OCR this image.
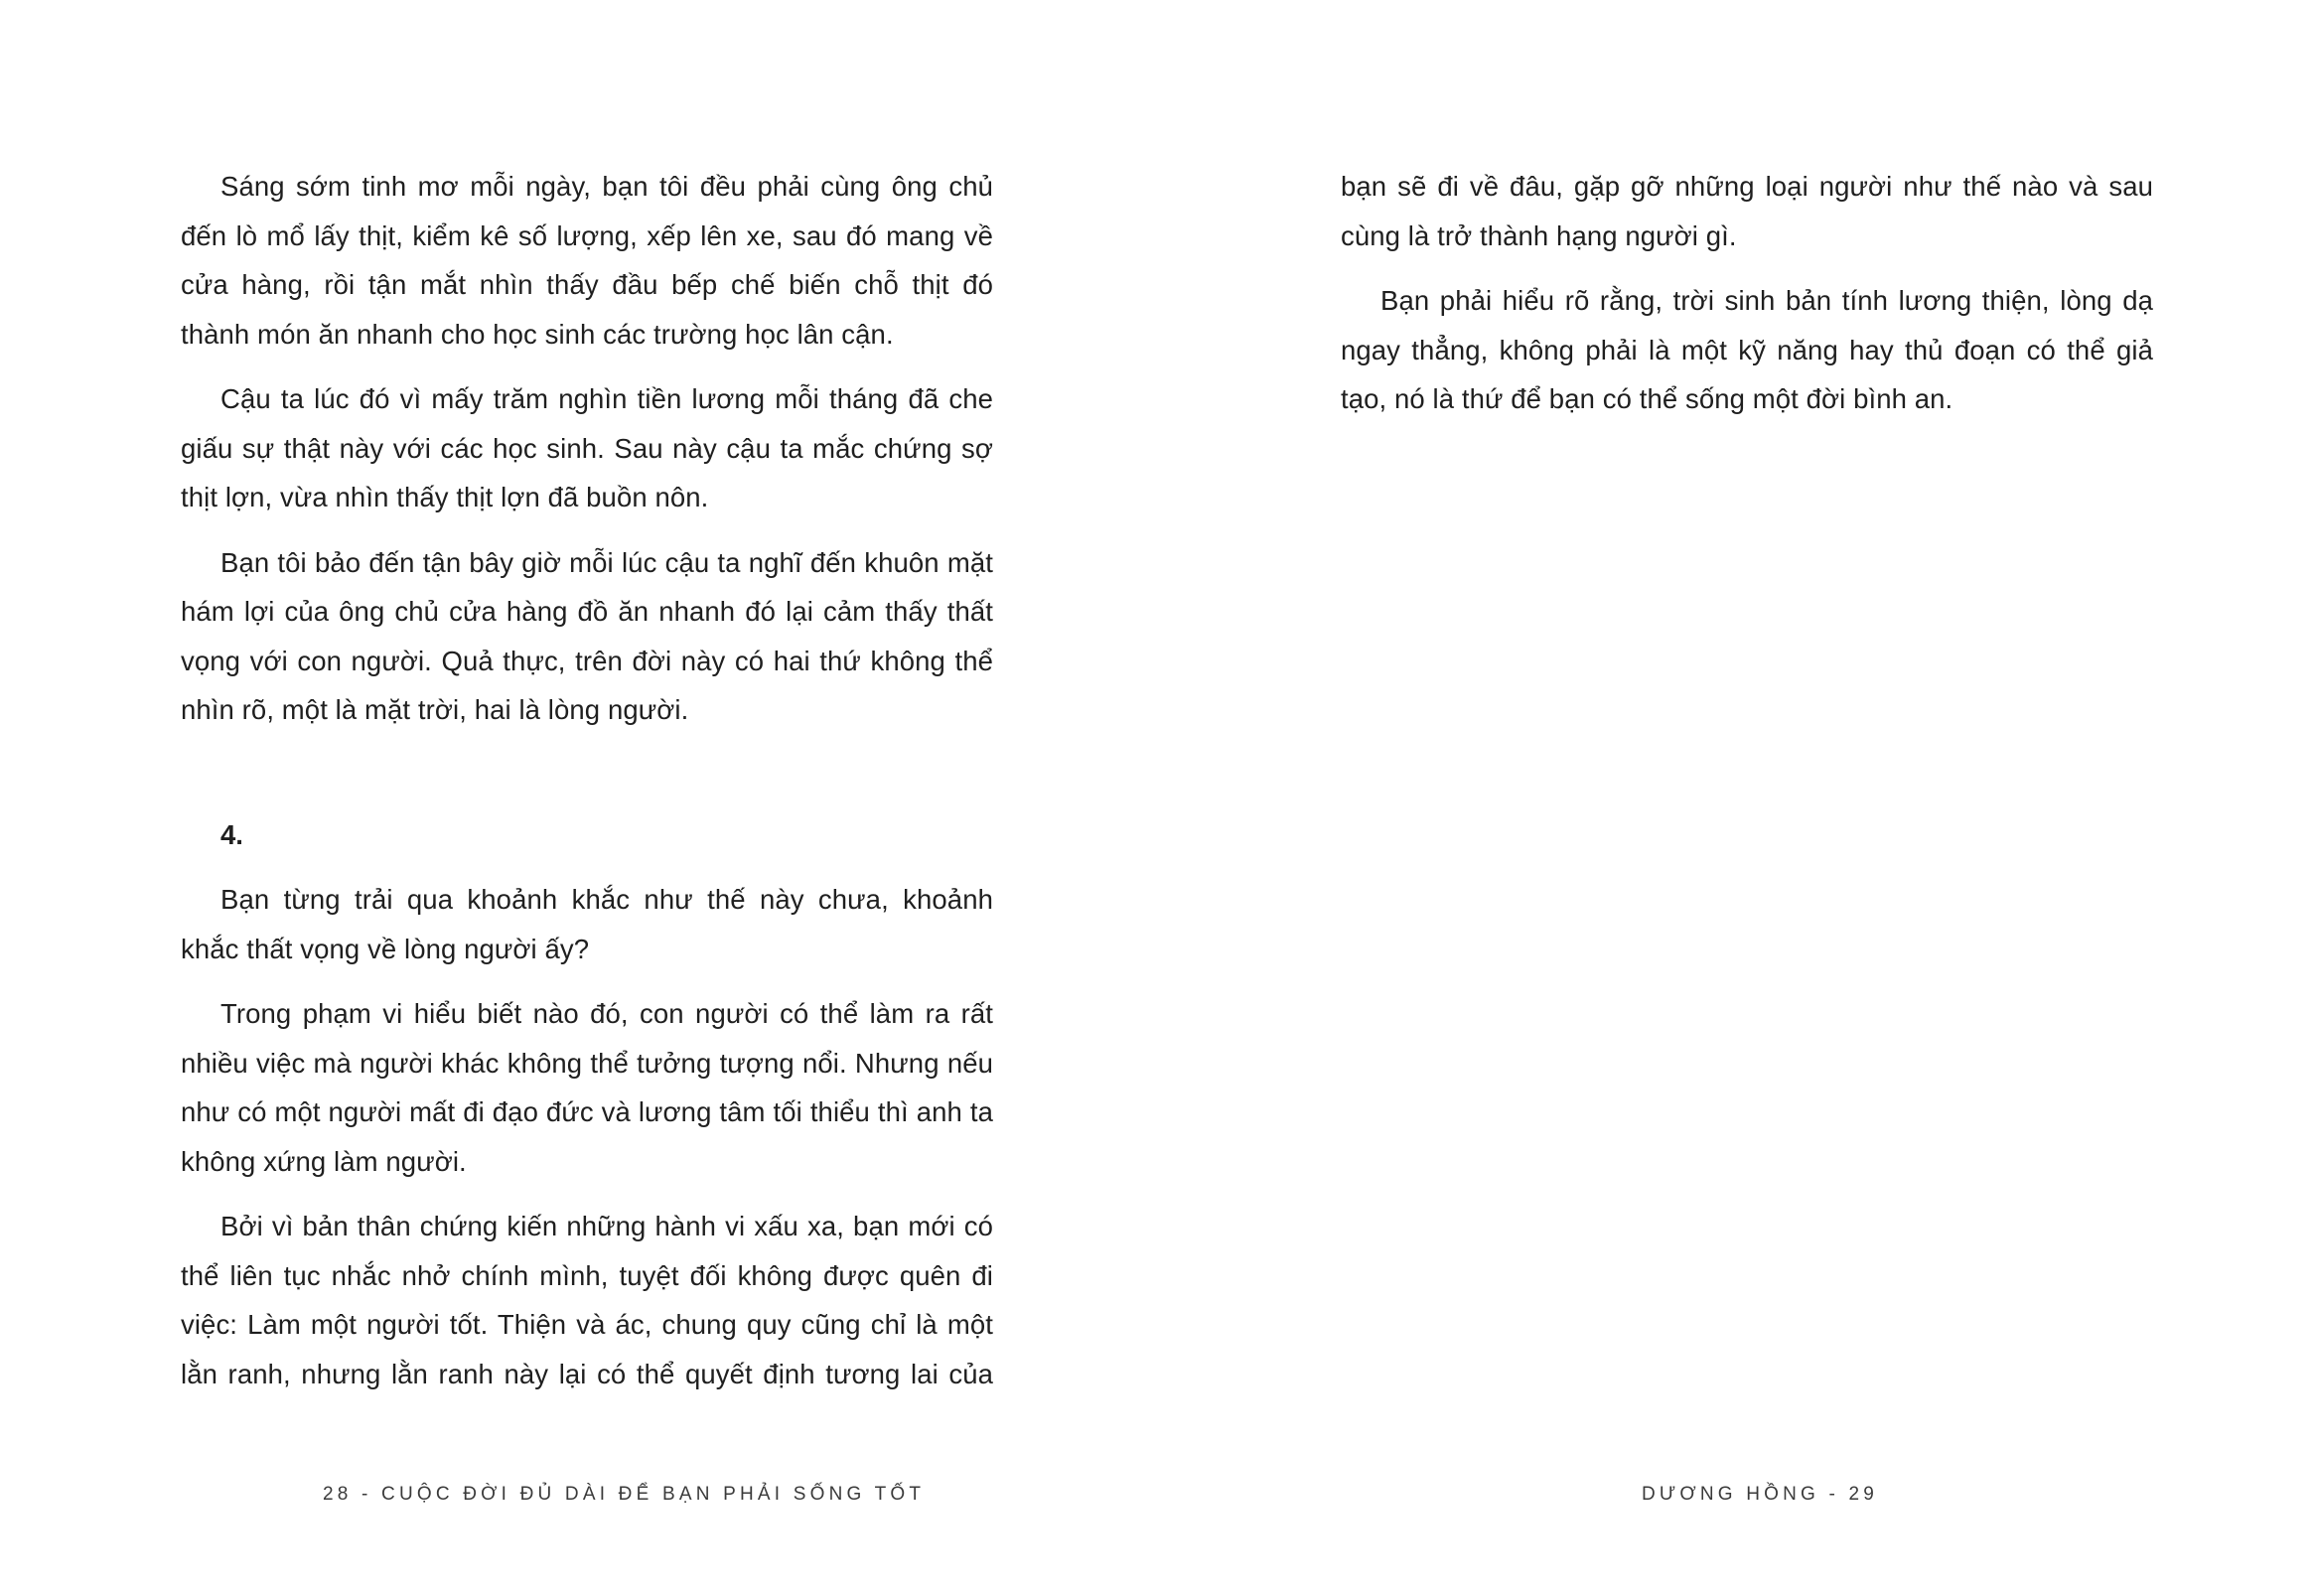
Sáng sớm tinh mơ mỗi ngày, bạn tôi đều phải cùng ông chủ đến lò mổ lấy thịt, kiểm kê số lượng, xếp lên xe, sau đó mang về cửa hàng, rồi tận mắt nhìn thấy đầu bếp chế biến chỗ thịt đó thành món ăn nhanh cho học sinh các trường học lân cận.

Cậu ta lúc đó vì mấy trăm nghìn tiền lương mỗi tháng đã che giấu sự thật này với các học sinh. Sau này cậu ta mắc chứng sợ thịt lợn, vừa nhìn thấy thịt lợn đã buồn nôn.

Bạn tôi bảo đến tận bây giờ mỗi lúc cậu ta nghĩ đến khuôn mặt hám lợi của ông chủ cửa hàng đồ ăn nhanh đó lại cảm thấy thất vọng với con người. Quả thực, trên đời này có hai thứ không thể nhìn rõ, một là mặt trời, hai là lòng người.

4.

Bạn từng trải qua khoảnh khắc như thế này chưa, khoảnh khắc thất vọng về lòng người ấy?

Trong phạm vi hiểu biết nào đó, con người có thể làm ra rất nhiều việc mà người khác không thể tưởng tượng nổi. Nhưng nếu như có một người mất đi đạo đức và lương tâm tối thiểu thì anh ta không xứng làm người.

Bởi vì bản thân chứng kiến những hành vi xấu xa, bạn mới có thể liên tục nhắc nhở chính mình, tuyệt đối không được quên đi việc: Làm một người tốt. Thiện và ác, chung quy cũng chỉ là một lằn ranh, nhưng lằn ranh này lại có thể quyết định tương lai của

28 - CUỘC ĐỜI ĐỦ DÀI ĐỂ BẠN PHẢI SỐNG TỐT

bạn sẽ đi về đâu, gặp gỡ những loại người như thế nào và sau cùng là trở thành hạng người gì.

Bạn phải hiểu rõ rằng, trời sinh bản tính lương thiện, lòng dạ ngay thẳng, không phải là một kỹ năng hay thủ đoạn có thể giả tạo, nó là thứ để bạn có thể sống một đời bình an.

DƯƠNG HỒNG - 29
